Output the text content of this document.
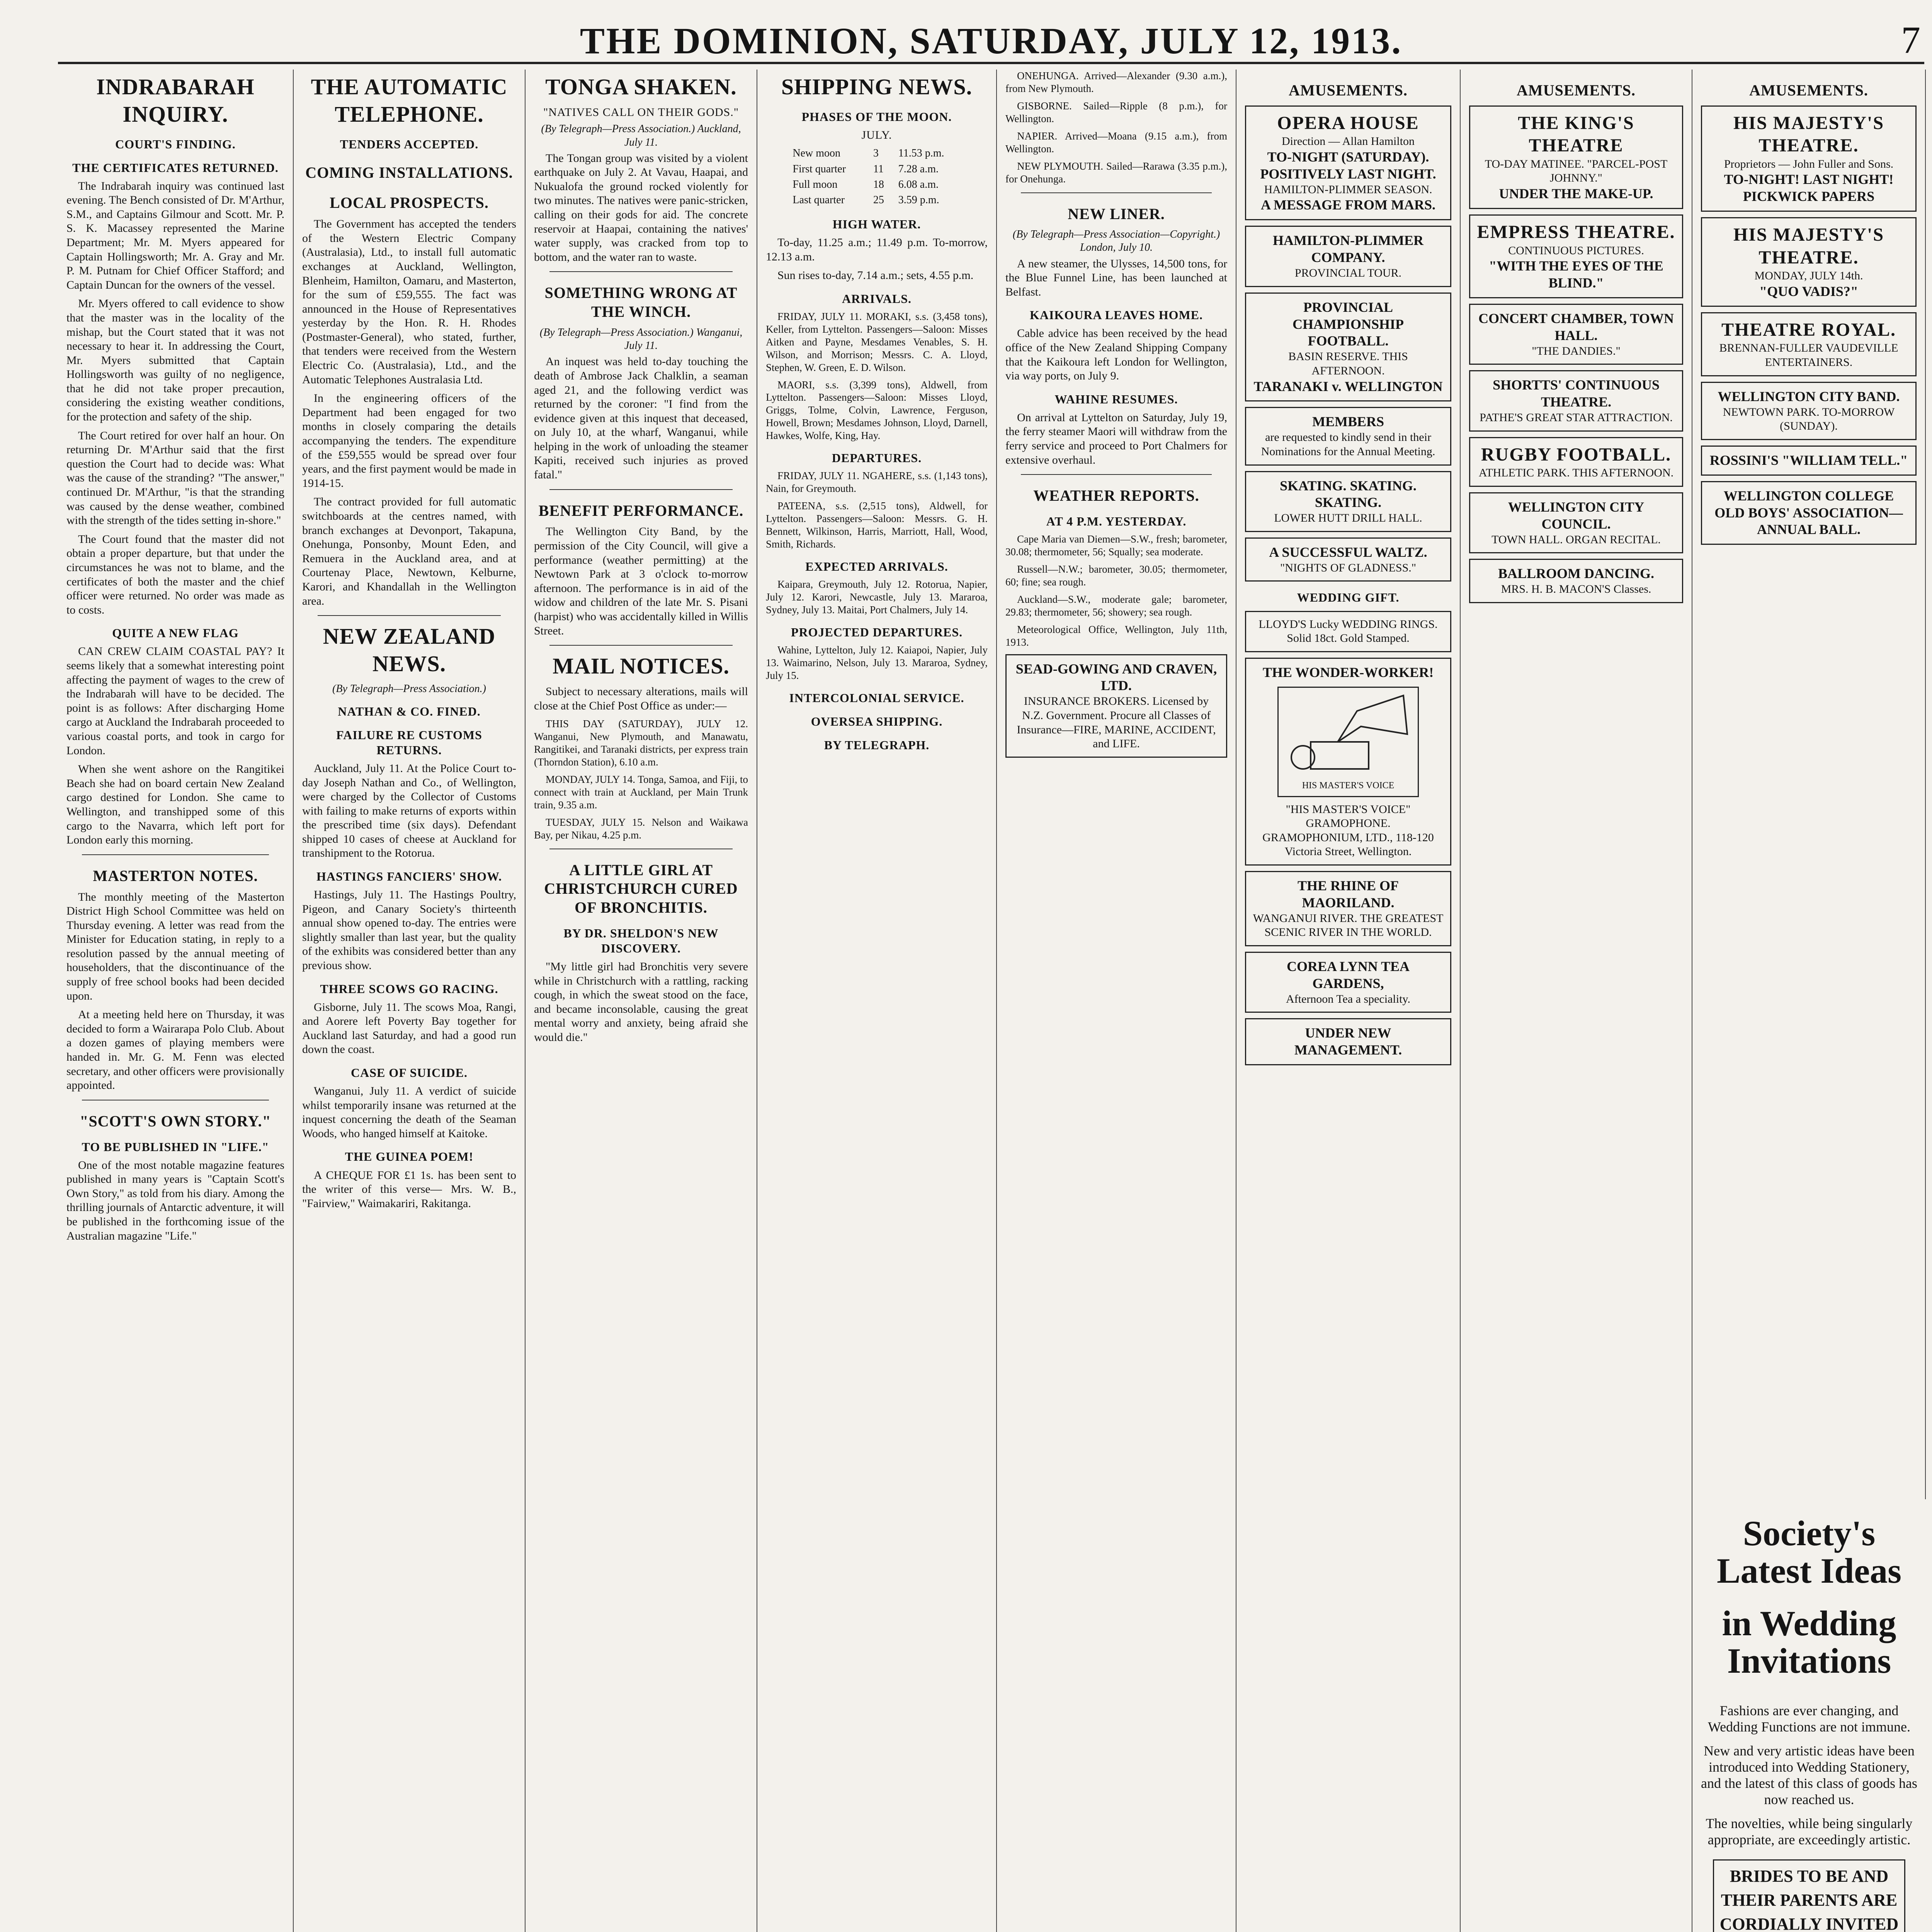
THE DOMINION, SATURDAY, JULY 12, 1913.	7
INDRABARAH INQUIRY.
COURT'S FINDING.
THE CERTIFICATES RETURNED.

The Indrabarah inquiry was continued last evening. The Bench consisted of Dr. M'Arthur, S.M., and Captains Gilmour and Scott. Mr. P. S. K. Macassey represented the Marine Department; Mr. M. Myers appeared for Captain Hollingsworth; Mr. A. Gray and Mr. P. M. Putnam for Chief Officer Stafford; and Captain Duncan for the owners of the vessel.

Mr. Myers offered to call evidence to show that the master was in the locality of the mishap, but the Court stated that it was not necessary to hear it. In addressing the Court, Mr. Myers submitted that Captain Hollingsworth was guilty of no negligence, that he did not take proper precaution, considering the existing weather conditions, for the protection and safety of the ship.

The Court retired for over half an hour. On returning Dr. M'Arthur said that the first question the Court had to decide was: What was the cause of the stranding? "The answer," continued Dr. M'Arthur, "is that the stranding was caused by the dense weather, combined with the strength of the tides setting in-shore."

The Court found that the master did not obtain a proper departure, but that under the circumstances he was not to blame, and the certificates of both the master and the chief officer were returned. No order was made as to costs.

QUITE A NEW FLAG

CAN CREW CLAIM COASTAL PAY? It seems likely that a somewhat interesting point affecting the payment of wages to the crew of the Indrabarah will have to be decided. The point is as follows: After discharging Home cargo at Auckland the Indrabarah proceeded to various coastal ports, and took in cargo for London.

When she went ashore on the Rangitikei Beach she had on board certain New Zealand cargo destined for London. She came to Wellington, and transhipped some of this cargo to the Navarra, which left port for London early this morning.

MASTERTON NOTES.

The monthly meeting of the Masterton District High School Committee was held on Thursday evening. A letter was read from the Minister for Education stating, in reply to a resolution passed by the annual meeting of householders, that the discontinuance of the supply of free school books had been decided upon.

At a meeting held here on Thursday, it was decided to form a Wairarapa Polo Club. About a dozen games of playing members were handed in. Mr. G. M. Fenn was elected secretary, and other officers were provisionally appointed.

"SCOTT'S OWN STORY."
TO BE PUBLISHED IN "LIFE."

One of the most notable magazine features published in many years is "Captain Scott's Own Story," as told from his diary. Among the thrilling journals of Antarctic adventure, it will be published in the forthcoming issue of the Australian magazine "Life."

THE AUTOMATIC TELEPHONE.
TENDERS ACCEPTED.
COMING INSTALLATIONS.
LOCAL PROSPECTS.

The Government has accepted the tenders of the Western Electric Company (Australasia), Ltd., to install full automatic exchanges at Auckland, Wellington, Blenheim, Hamilton, Oamaru, and Masterton, for the sum of £59,555. The fact was announced in the House of Representatives yesterday by the Hon. R. H. Rhodes (Postmaster-General), who stated, further, that tenders were received from the Western Electric Co. (Australasia), Ltd., and the Automatic Telephones Australasia Ltd.

In the engineering officers of the Department had been engaged for two months in closely comparing the details accompanying the tenders. The expenditure of the £59,555 would be spread over four years, and the first payment would be made in 1914-15.

The contract provided for full automatic switchboards at the centres named, with branch exchanges at Devonport, Takapuna, Onehunga, Ponsonby, Mount Eden, and Remuera in the Auckland area, and at Courtenay Place, Newtown, Kelburne, Karori, and Khandallah in the Wellington area.

NEW ZEALAND NEWS.
(By Telegraph—Press Association.)
NATHAN & CO. FINED.
FAILURE RE CUSTOMS RETURNS.

Auckland, July 11. At the Police Court to-day Joseph Nathan and Co., of Wellington, were charged by the Collector of Customs with failing to make returns of exports within the prescribed time (six days). Defendant shipped 10 cases of cheese at Auckland for transhipment to the Rotorua.

HASTINGS FANCIERS' SHOW.

Hastings, July 11. The Hastings Poultry, Pigeon, and Canary Society's thirteenth annual show opened to-day. The entries were slightly smaller than last year, but the quality of the exhibits was considered better than any previous show.

THREE SCOWS GO RACING.

Gisborne, July 11. The scows Moa, Rangi, and Aorere left Poverty Bay together for Auckland last Saturday, and had a good run down the coast.

CASE OF SUICIDE.

Wanganui, July 11. A verdict of suicide whilst temporarily insane was returned at the inquest concerning the death of the Seaman Woods, who hanged himself at Kaitoke.

THE GUINEA POEM!

A CHEQUE FOR £1 1s. has been sent to the writer of this verse— Mrs. W. B., "Fairview," Waimakariri, Rakitanga.

TONGA SHAKEN.
"NATIVES CALL ON THEIR GODS."
(By Telegraph—Press Association.) Auckland, July 11.

The Tongan group was visited by a violent earthquake on July 2. At Vavau, Haapai, and Nukualofa the ground rocked violently for two minutes. The natives were panic-stricken, calling on their gods for aid. The concrete reservoir at Haapai, containing the natives' water supply, was cracked from top to bottom, and the water ran to waste.

SOMETHING WRONG AT THE WINCH.
(By Telegraph—Press Association.) Wanganui, July 11.

An inquest was held to-day touching the death of Ambrose Jack Chalklin, a seaman aged 21, and the following verdict was returned by the coroner: "I find from the evidence given at this inquest that deceased, on July 10, at the wharf, Wanganui, while helping in the work of unloading the steamer Kapiti, received such injuries as proved fatal."

BENEFIT PERFORMANCE.

The Wellington City Band, by the permission of the City Council, will give a performance (weather permitting) at the Newtown Park at 3 o'clock to-morrow afternoon. The performance is in aid of the widow and children of the late Mr. S. Pisani (harpist) who was accidentally killed in Willis Street.

MAIL NOTICES.

Subject to necessary alterations, mails will close at the Chief Post Office as under:—

THIS DAY (SATURDAY), JULY 12. Wanganui, New Plymouth, and Manawatu, Rangitikei, and Taranaki districts, per express train (Thorndon Station), 6.10 a.m.

MONDAY, JULY 14. Tonga, Samoa, and Fiji, to connect with train at Auckland, per Main Trunk train, 9.35 a.m.

TUESDAY, JULY 15. Nelson and Waikawa Bay, per Nikau, 4.25 p.m.

A LITTLE GIRL AT CHRISTCHURCH CURED OF BRONCHITIS.
BY DR. SHELDON'S NEW DISCOVERY.

"My little girl had Bronchitis very severe while in Christchurch with a rattling, racking cough, in which the sweat stood on the face, and became inconsolable, causing the great mental worry and anxiety, being afraid she would die."

SHIPPING NEWS.
PHASES OF THE MOON.
JULY.
New moon	3	11.53 p.m.
First quarter	11	7.28 a.m.
Full moon	18	6.08 a.m.
Last quarter	25	3.59 p.m.
HIGH WATER.

To-day, 11.25 a.m.; 11.49 p.m. To-morrow, 12.13 a.m.

Sun rises to-day, 7.14 a.m.; sets, 4.55 p.m.

ARRIVALS.

FRIDAY, JULY 11. MORAKI, s.s. (3,458 tons), Keller, from Lyttelton. Passengers—Saloon: Misses Aitken and Payne, Mesdames Venables, S. H. Wilson, and Morrison; Messrs. C. A. Lloyd, Stephen, W. Green, E. D. Wilson.

MAORI, s.s. (3,399 tons), Aldwell, from Lyttelton. Passengers—Saloon: Misses Lloyd, Griggs, Tolme, Colvin, Lawrence, Ferguson, Howell, Brown; Mesdames Johnson, Lloyd, Darnell, Hawkes, Wolfe, King, Hay.

DEPARTURES.

FRIDAY, JULY 11. NGAHERE, s.s. (1,143 tons), Nain, for Greymouth.

PATEENA, s.s. (2,515 tons), Aldwell, for Lyttelton. Passengers—Saloon: Messrs. G. H. Bennett, Wilkinson, Harris, Marriott, Hall, Wood, Smith, Richards.

EXPECTED ARRIVALS.

Kaipara, Greymouth, July 12. Rotorua, Napier, July 12. Karori, Newcastle, July 13. Mararoa, Sydney, July 13. Maitai, Port Chalmers, July 14.

PROJECTED DEPARTURES.

Wahine, Lyttelton, July 12. Kaiapoi, Napier, July 13. Waimarino, Nelson, July 13. Mararoa, Sydney, July 15.

INTERCOLONIAL SERVICE.
OVERSEA SHIPPING.
BY TELEGRAPH.

ONEHUNGA. Arrived—Alexander (9.30 a.m.), from New Plymouth.

GISBORNE. Sailed—Ripple (8 p.m.), for Wellington.

NAPIER. Arrived—Moana (9.15 a.m.), from Wellington.

NEW PLYMOUTH. Sailed—Rarawa (3.35 p.m.), for Onehunga.

NEW LINER.
(By Telegraph—Press Association—Copyright.) London, July 10.

A new steamer, the Ulysses, 14,500 tons, for the Blue Funnel Line, has been launched at Belfast.

KAIKOURA LEAVES HOME.

Cable advice has been received by the head office of the New Zealand Shipping Company that the Kaikoura left London for Wellington, via way ports, on July 9.

WAHINE RESUMES.

On arrival at Lyttelton on Saturday, July 19, the ferry steamer Maori will withdraw from the ferry service and proceed to Port Chalmers for extensive overhaul.

WEATHER REPORTS.
AT 4 P.M. YESTERDAY.

Cape Maria van Diemen—S.W., fresh; barometer, 30.08; thermometer, 56; Squally; sea moderate.

Russell—N.W.; barometer, 30.05; thermometer, 60; fine; sea rough.

Auckland—S.W., moderate gale; barometer, 29.83; thermometer, 56; showery; sea rough.

Meteorological Office, Wellington, July 11th, 1913.

SEAD-GOWING AND CRAVEN, LTD.
INSURANCE BROKERS. Licensed by N.Z. Government. Procure all Classes of Insurance—FIRE, MARINE, ACCIDENT, and LIFE.
AMUSEMENTS.
OPERA HOUSE
Direction — Allan Hamilton
TO-NIGHT (SATURDAY). POSITIVELY LAST NIGHT.
HAMILTON-PLIMMER SEASON.
A MESSAGE FROM MARS.
HAMILTON-PLIMMER COMPANY.
PROVINCIAL TOUR.
PROVINCIAL CHAMPIONSHIP FOOTBALL.
BASIN RESERVE. THIS AFTERNOON.
TARANAKI v. WELLINGTON
MEMBERS
are requested to kindly send in their Nominations for the Annual Meeting.
SKATING. SKATING. SKATING.
LOWER HUTT DRILL HALL.
A SUCCESSFUL WALTZ.
"NIGHTS OF GLADNESS."
WEDDING GIFT.
LLOYD'S Lucky WEDDING RINGS. Solid 18ct. Gold Stamped.
THE WONDER-WORKER!
HIS MASTER'S VOICE
"HIS MASTER'S VOICE" GRAMOPHONE.
GRAMOPHONIUM, LTD., 118-120 Victoria Street, Wellington.
THE RHINE OF MAORILAND.
WANGANUI RIVER. THE GREATEST SCENIC RIVER IN THE WORLD.
COREA LYNN TEA GARDENS,
Afternoon Tea a speciality.
UNDER NEW MANAGEMENT.
AMUSEMENTS.
THE KING'S THEATRE
TO-DAY MATINEE. "PARCEL-POST JOHNNY."
UNDER THE MAKE-UP.
EMPRESS THEATRE.
CONTINUOUS PICTURES.
"WITH THE EYES OF THE BLIND."
CONCERT CHAMBER, TOWN HALL.
"THE DANDIES."
SHORTTS' CONTINUOUS THEATRE.
PATHE'S GREAT STAR ATTRACTION.
RUGBY FOOTBALL.
ATHLETIC PARK. THIS AFTERNOON.
WELLINGTON CITY COUNCIL.
TOWN HALL. ORGAN RECITAL.
BALLROOM DANCING.
MRS. H. B. MACON'S Classes.
AMUSEMENTS.
HIS MAJESTY'S THEATRE.
Proprietors — John Fuller and Sons.
TO-NIGHT! LAST NIGHT!
PICKWICK PAPERS
HIS MAJESTY'S THEATRE.
MONDAY, JULY 14th.
"QUO VADIS?"
THEATRE ROYAL.
BRENNAN-FULLER VAUDEVILLE ENTERTAINERS.
WELLINGTON CITY BAND.
NEWTOWN PARK. TO-MORROW (SUNDAY).
ROSSINI'S "WILLIAM TELL."
WELLINGTON COLLEGE OLD BOYS' ASSOCIATION—ANNUAL BALL.
Society's Latest Ideas
in Wedding Invitations

Fashions are ever changing, and Wedding Functions are not immune.

New and very artistic ideas have been introduced into Wedding Stationery, and the latest of this class of goods has now reached us.

The novelties, while being singularly appropriate, are exceedingly artistic.

BRIDES TO BE AND THEIR PARENTS ARE CORDIALLY INVITED
